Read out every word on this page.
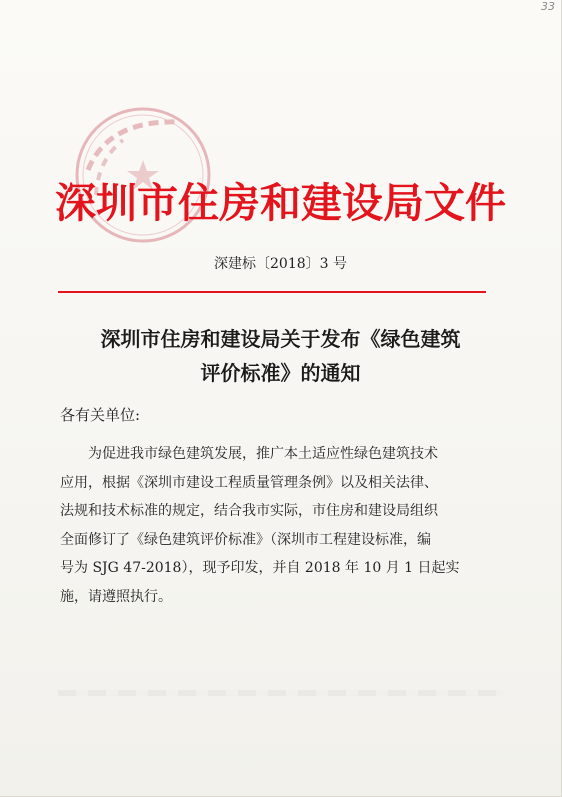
33
深圳市住房和建设局文件
深建标〔2018〕3 号
深圳市住房和建设局关于发布《绿色建筑
评价标准》的通知
各有关单位:
为促进我市绿色建筑发展，推广本土适应性绿色建筑技术
应用，根据《深圳市建设工程质量管理条例》以及相关法律、
法规和技术标准的规定，结合我市实际，市住房和建设局组织
全面修订了《绿色建筑评价标准》（深圳市工程建设标准，编
号为 SJG 47-2018），现予印发，并自 2018 年 10 月 1 日起实
施，请遵照执行。
